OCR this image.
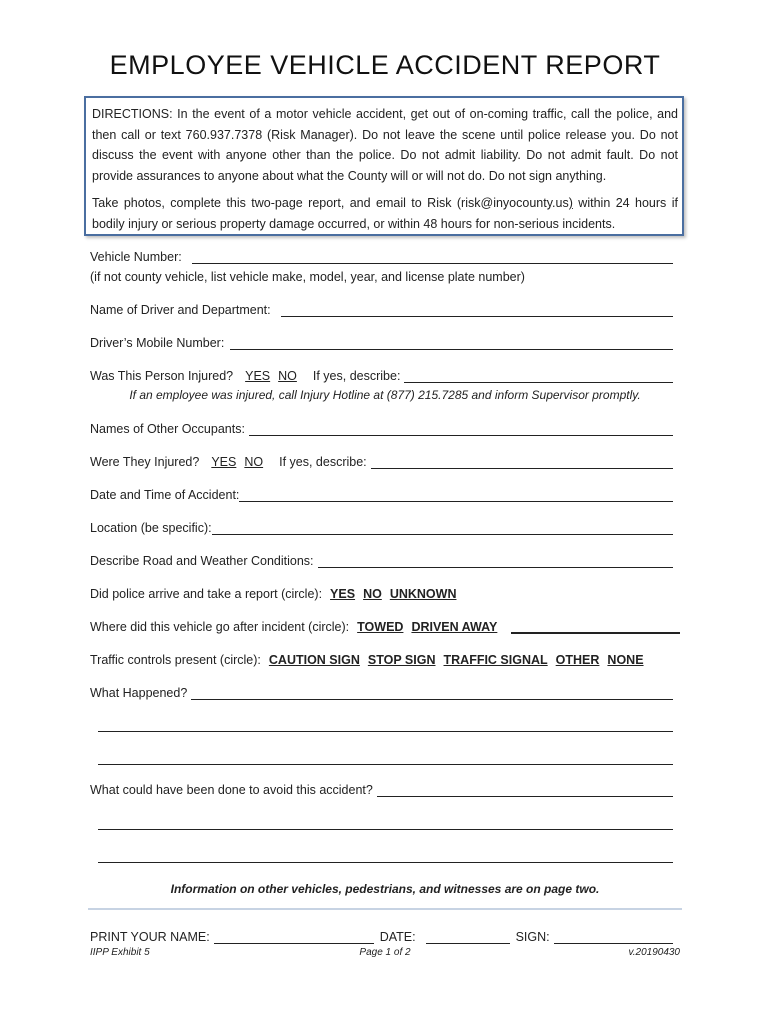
EMPLOYEE VEHICLE ACCIDENT REPORT

DIRECTIONS: In the event of a motor vehicle accident, get out of on-coming traffic, call the police, and then call or text 760.937.7378 (Risk Manager). Do not leave the scene until police release you. Do not discuss the event with anyone other than the police. Do not admit liability. Do not admit fault. Do not provide assurances to anyone about what the County will or will not do. Do not sign anything.

Take photos, complete this two-page report, and email to Risk (risk@inyocounty.us) within 24 hours if bodily injury or serious property damage occurred, or within 48 hours for non-serious incidents.

Vehicle Number:
(if not county vehicle, list vehicle make, model, year, and license plate number)
Name of Driver and Department:
Driver’s Mobile Number:
Was This Person Injured? YES NO If yes, describe:
If an employee was injured, call Injury Hotline at (877) 215.7285 and inform Supervisor promptly.
Names of Other Occupants:
Were They Injured? YES NO If yes, describe:
Date and Time of Accident:
Location (be specific):
Describe Road and Weather Conditions:
Did police arrive and take a report (circle): YES NO UNKNOWN
Where did this vehicle go after incident (circle): TOWED DRIVEN AWAY
Traffic controls present (circle): CAUTION SIGN STOP SIGN TRAFFIC SIGNAL OTHER NONE
What Happened?
What could have been done to avoid this accident?
Information on other vehicles, pedestrians, and witnesses are on page two.
PRINT YOUR NAME:	DATE:	SIGN:
IIPP Exhibit 5	Page 1 of 2	v.20190430
